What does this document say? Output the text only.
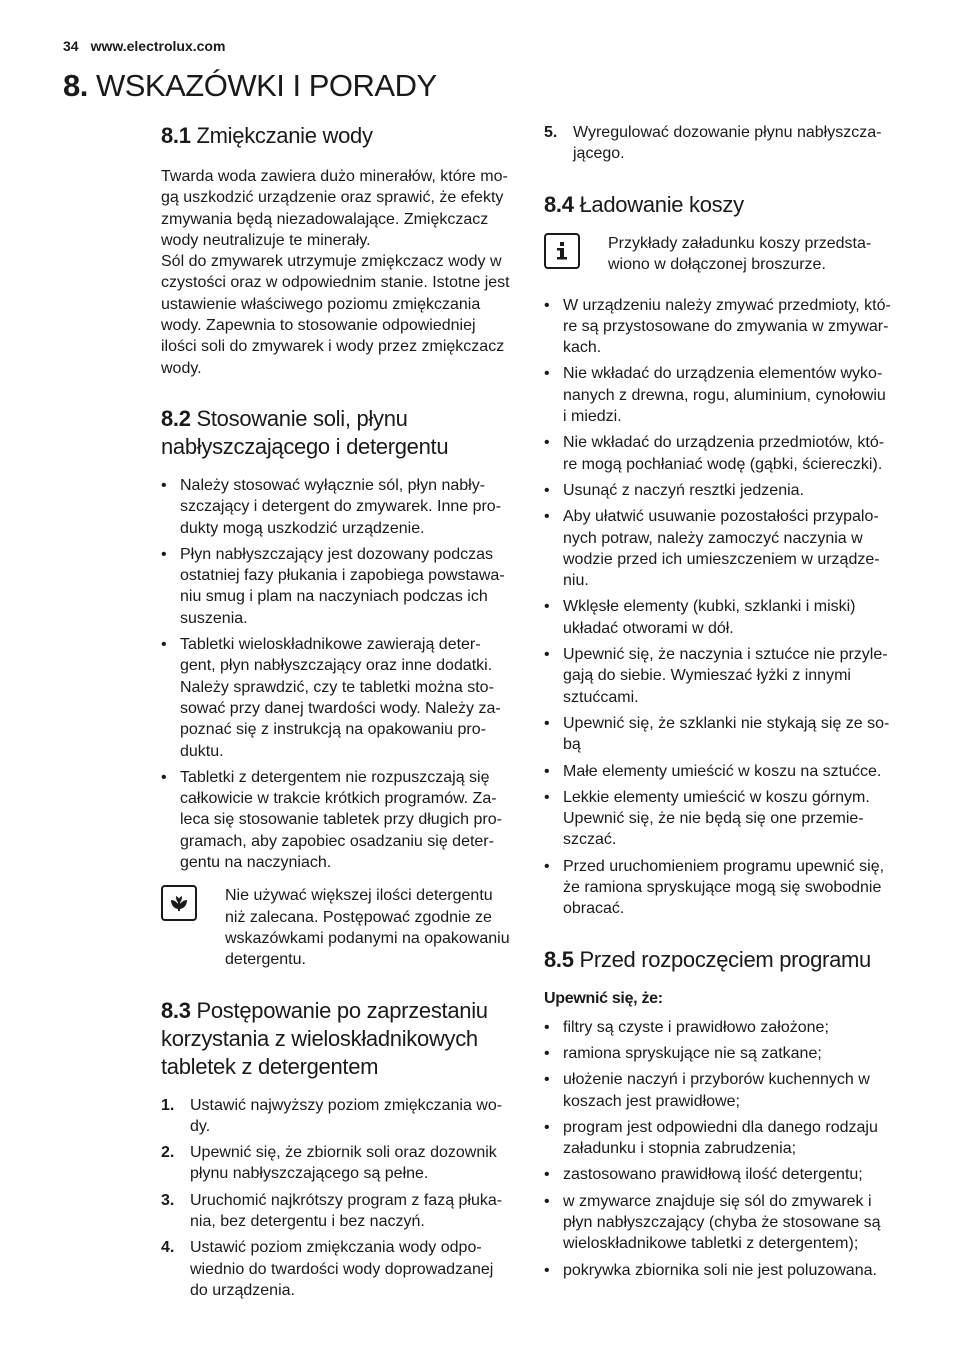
34 www.electrolux.com
8. WSKAZÓWKI I PORADY
8.1 Zmiękczanie wody
Twarda woda zawiera dużo minerałów, które mo-
gą uszkodzić urządzenie oraz sprawić, że efekty
zmywania będą niezadowalające. Zmiękczacz
wody neutralizuje te minerały.
Sól do zmywarek utrzymuje zmiękczacz wody w
czystości oraz w odpowiednim stanie. Istotne jest
ustawienie właściwego poziomu zmiękczania
wody. Zapewnia to stosowanie odpowiedniej
ilości soli do zmywarek i wody przez zmiękczacz
wody.
8.2 Stosowanie soli, płynu
nabłyszczającego i detergentu
• Należy stosować wyłącznie sól, płyn nabły-
szczający i detergent do zmywarek. Inne pro-
dukty mogą uszkodzić urządzenie.
• Płyn nabłyszczający jest dozowany podczas
ostatniej fazy płukania i zapobiega powstawa-
niu smug i plam na naczyniach podczas ich
suszenia.
• Tabletki wieloskładnikowe zawierają deter-
gent, płyn nabłyszczający oraz inne dodatki.
Należy sprawdzić, czy te tabletki można sto-
sować przy danej twardości wody. Należy za-
poznać się z instrukcją na opakowaniu pro-
duktu.
• Tabletki z detergentem nie rozpuszczają się
całkowicie w trakcie krótkich programów. Za-
leca się stosowanie tabletek przy długich pro-
gramach, aby zapobiec osadzaniu się deter-
gentu na naczyniach.
Nie używać większej ilości detergentu
niż zalecana. Postępować zgodnie ze
wskazówkami podanymi na opakowaniu
detergentu.
8.3 Postępowanie po zaprzestaniu
korzystania z wieloskładnikowych
tabletek z detergentem
1. Ustawić najwyższy poziom zmiękczania wo-
dy.
2. Upewnić się, że zbiornik soli oraz dozownik
płynu nabłyszczającego są pełne.
3. Uruchomić najkrótszy program z fazą płuka-
nia, bez detergentu i bez naczyń.
4. Ustawić poziom zmiękczania wody odpo-
wiednio do twardości wody doprowadzanej
do urządzenia.
5. Wyregulować dozowanie płynu nabłyszcza-
jącego.
8.4 Ładowanie koszy
Przykłady załadunku koszy przedsta-
wiono w dołączonej broszurze.
• W urządzeniu należy zmywać przedmioty, któ-
re są przystosowane do zmywania w zmywar-
kach.
• Nie wkładać do urządzenia elementów wyko-
nanych z drewna, rogu, aluminium, cynołowiu
i miedzi.
• Nie wkładać do urządzenia przedmiotów, któ-
re mogą pochłaniać wodę (gąbki, ściereczki).
• Usunąć z naczyń resztki jedzenia.
• Aby ułatwić usuwanie pozostałości przypalo-
nych potraw, należy zamoczyć naczynia w
wodzie przed ich umieszczeniem w urządze-
niu.
• Wklęsłe elementy (kubki, szklanki i miski)
układać otworami w dół.
• Upewnić się, że naczynia i sztućce nie przyle-
gają do siebie. Wymieszać łyżki z innymi
sztućcami.
• Upewnić się, że szklanki nie stykają się ze so-
bą
• Małe elementy umieścić w koszu na sztućce.
• Lekkie elementy umieścić w koszu górnym.
Upewnić się, że nie będą się one przemie-
szczać.
• Przed uruchomieniem programu upewnić się,
że ramiona spryskujące mogą się swobodnie
obracać.
8.5 Przed rozpoczęciem programu
Upewnić się, że:
• filtry są czyste i prawidłowo założone;
• ramiona spryskujące nie są zatkane;
• ułożenie naczyń i przyborów kuchennych w
koszach jest prawidłowe;
• program jest odpowiedni dla danego rodzaju
załadunku i stopnia zabrudzenia;
• zastosowano prawidłową ilość detergentu;
• w zmywarce znajduje się sól do zmywarek i
płyn nabłyszczający (chyba że stosowane są
wieloskładnikowe tabletki z detergentem);
• pokrywka zbiornika soli nie jest poluzowana.
